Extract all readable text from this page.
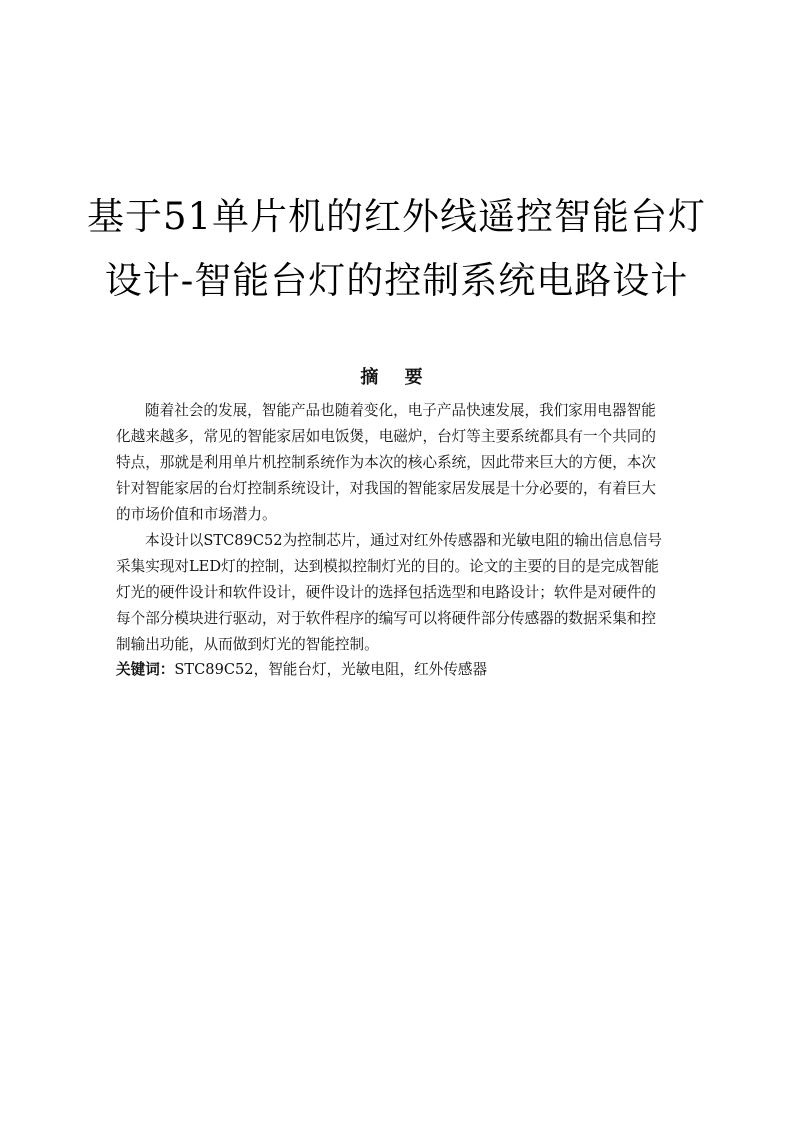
基于51单片机的红外线遥控智能台灯
设计-智能台灯的控制系统电路设计
摘 要
随着社会的发展，智能产品也随着变化，电子产品快速发展，我们家用电器智能
化越来越多，常见的智能家居如电饭煲，电磁炉，台灯等主要系统都具有一个共同的
特点，那就是利用单片机控制系统作为本次的核心系统，因此带来巨大的方便，本次
针对智能家居的台灯控制系统设计，对我国的智能家居发展是十分必要的，有着巨大
的市场价值和市场潜力。
本设计以STC89C52为控制芯片，通过对红外传感器和光敏电阻的输出信息信号
采集实现对LED灯的控制，达到模拟控制灯光的目的。论文的主要的目的是完成智能
灯光的硬件设计和软件设计，硬件设计的选择包括选型和电路设计；软件是对硬件的
每个部分模块进行驱动，对于软件程序的编写可以将硬件部分传感器的数据采集和控
制输出功能，从而做到灯光的智能控制。
关键词：STC89C52，智能台灯，光敏电阻，红外传感器
